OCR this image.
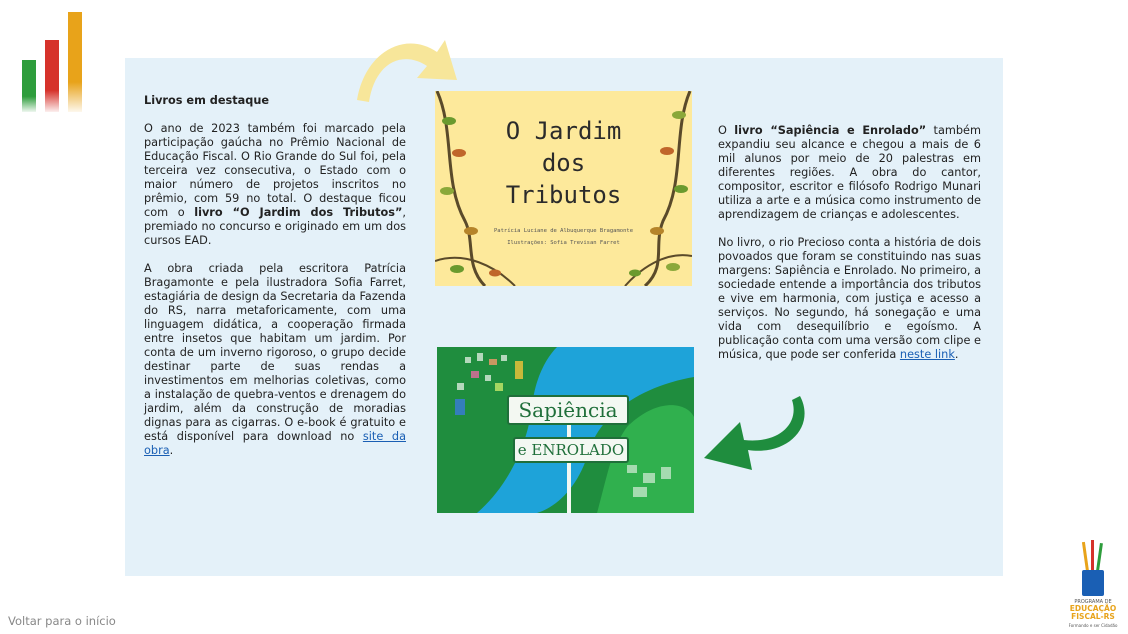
Livros em destaque

O ano de 2023 também foi marcado pela participação gaúcha no Prêmio Nacional de Educação Fiscal. O Rio Grande do Sul foi, pela terceira vez consecutiva, o Estado com o maior número de projetos inscritos no prêmio, com 59 no total. O destaque ficou com o livro “O Jardim dos Tributos”, premiado no concurso e originado em um dos cursos EAD.

A obra criada pela escritora Patrícia Bragamonte e pela ilustradora Sofia Farret, estagiária de design da Secretaria da Fazenda do RS, narra metaforicamente, com uma linguagem didática, a cooperação firmada entre insetos que habitam um jardim. Por conta de um inverno rigoroso, o grupo decide destinar parte de suas rendas a investimentos em melhorias coletivas, como a instalação de quebra-ventos e drenagem do jardim, além da construção de moradias dignas para as cigarras. O e-book é gratuito e está disponível para download no site da obra.

O livro “Sapiência e Enrolado” também expandiu seu alcance e chegou a mais de 6 mil alunos por meio de 20 palestras em diferentes regiões. A obra do cantor, compositor, escritor e filósofo Rodrigo Munari utiliza a arte e a música como instrumento de aprendizagem de crianças e adolescentes.

No livro, o rio Precioso conta a história de dois povoados que foram se constituindo nas suas margens: Sapiência e Enrolado. No primeiro, a sociedade entende a importância dos tributos e vive em harmonia, com justiça e acesso a serviços. No segundo, há sonegação e uma vida com desequilíbrio e egoísmo. A publicação conta com uma versão com clipe e música, que pode ser conferida neste link.

O Jardim
dos
Tributos
Patrícia Luciane de Albuquerque Bragamonte
Ilustrações: Sofia Trevisan Farret
Sapiência
e ENROLADO
Voltar para o início
PROGRAMA DE
EDUCAÇÃO
FISCAL-RS
Formando e ser Cidadão
